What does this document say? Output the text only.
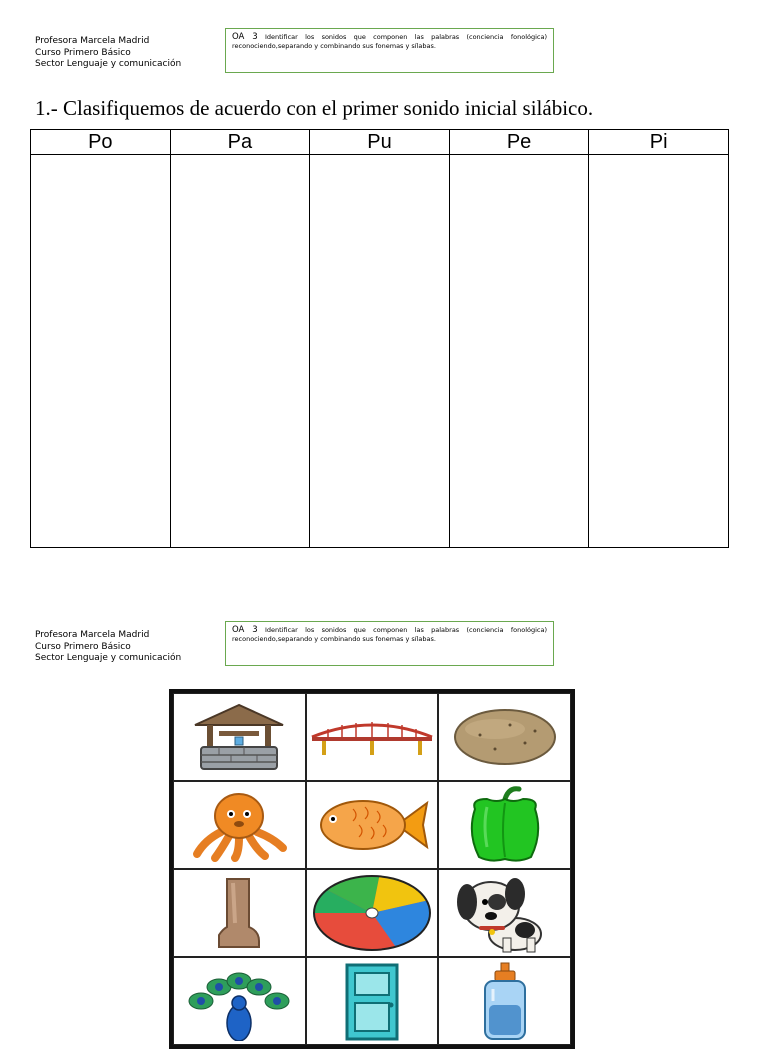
Profesora Marcela Madrid
Curso Primero Básico
Sector Lenguaje y comunicación
OA 3 Identificar los sonidos que componen las palabras (conciencia fonológica) reconociendo,separando y combinando sus fonemas y sílabas.
1.- Clasifiquemos de acuerdo con el primer sonido inicial silábico.
Po	Pa	Pu	Pe	Pi

Profesora Marcela Madrid
Curso Primero Básico
Sector Lenguaje y comunicación
OA 3 Identificar los sonidos que componen las palabras (conciencia fonológica) reconociendo,separando y combinando sus fonemas y sílabas.
